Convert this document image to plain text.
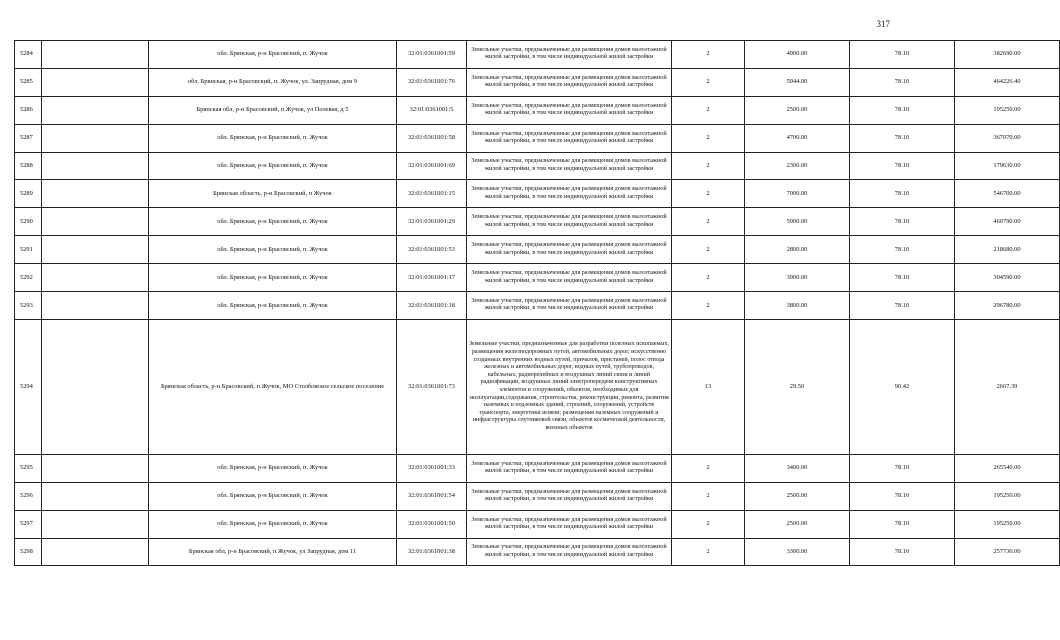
317
5284		обл. Брянская, р-н Брасовский, п. Жучок	32:01:0361001:59	Земельные участки, предназначенные для размещения домов малоэтажной жилой застройки, в том числе индивидуальной жилой застройки	2	4900.00	78.10	382690.00
5285		обл. Брянская, р-н Брасовский, п. Жучок, ул. Запрудная, дом 9	32:01:0361001:76	Земельные участки, предназначенные для размещения домов малоэтажной жилой застройки, в том числе индивидуальной жилой застройки	2	5944.00	78.10	464226.40
5286		Брянская обл, р-н Брасовский, п Жучок, ул Полевая, д 5	32:01:0361001:5	Земельные участки, предназначенные для размещения домов малоэтажной жилой застройки, в том числе индивидуальной жилой застройки	2	2500.00	78.10	195250.00
5287		обл. Брянская, р-н Брасовский, п. Жучок	32:01:0361001:58	Земельные участки, предназначенные для размещения домов малоэтажной жилой застройки, в том числе индивидуальной жилой застройки	2	4700.00	78.10	367070.00
5288		обл. Брянская, р-н Брасовский, п. Жучок	32:01:0361001:69	Земельные участки, предназначенные для размещения домов малоэтажной жилой застройки, в том числе индивидуальной жилой застройки	2	2300.00	78.10	179630.00
5289		Брянская область, р-н Брасовский, п Жучок	32:01:0361001:15	Земельные участки, предназначенные для размещения домов малоэтажной жилой застройки, в том числе индивидуальной жилой застройки	2	7000.00	78.10	546700.00
5290		обл. Брянская, р-н Брасовский, п. Жучок	32:01:0361001:29	Земельные участки, предназначенные для размещения домов малоэтажной жилой застройки, в том числе индивидуальной жилой застройки	2	5900.00	78.10	460790.00
5291		обл. Брянская, р-н Брасовский, п. Жучок	32:01:0361001:53	Земельные участки, предназначенные для размещения домов малоэтажной жилой застройки, в том числе индивидуальной жилой застройки	2	2800.00	78.10	218680.00
5292		обл. Брянская, р-н Брасовский, п. Жучок	32:01:0361001:17	Земельные участки, предназначенные для размещения домов малоэтажной жилой застройки, в том числе индивидуальной жилой застройки	2	3900.00	78.10	304590.00
5293		обл. Брянская, р-н Брасовский, п. Жучок	32:01:0361001:18	Земельные участки, предназначенные для размещения домов малоэтажной жилой застройки, в том числе индивидуальной жилой застройки	2	3800.00	78.10	296780.00
5294		Брянская область, р-н Брасовский, п Жучок, МО Столбовское сельское поселение	32:01:0361001:73	Земельные участки, предназначенные для разработки полезных ископаемых, размещения железнодорожных путей, автомобильных дорог, искусственно созданных внутренних водных путей, причалов, пристаней, полос отвода железных и автомобильных дорог, водных путей, трубопроводов, кабельных, радиорелейных и воздушных линий связи и линий радиофикации, воздушных линий электропередачи конструктивных элементов и сооружений, объектов, необходимых для эксплуатации,содержания, строительства, реконструкции, ремонта, развития наземных и подземных зданий, строений, сооружений, устройств транспорта, энергетики исвязи; размещения наземных сооружений и инфраструктуры спутниковой связи, объектов космической деятельности, военных объектов	13	29.50	90.42	2667.39
5295		обл. Брянская, р-н Брасовский, п. Жучок	32:01:0361001:33	Земельные участки, предназначенные для размещения домов малоэтажной жилой застройки, в том числе индивидуальной жилой застройки	2	3400.00	78.10	265540.00
5296		обл. Брянская, р-н Брасовский, п. Жучок	32:01:0361001:54	Земельные участки, предназначенные для размещения домов малоэтажной жилой застройки, в том числе индивидуальной жилой застройки	2	2500.00	78.10	195250.00
5297		обл. Брянская, р-н Брасовский, п. Жучок	32:01:0361001:50	Земельные участки, предназначенные для размещения домов малоэтажной жилой застройки, в том числе индивидуальной жилой застройки	2	2500.00	78.10	195250.00
5298		Брянская обл, р-н Брасовский, п Жучок, ул Запрудная, дом 11	32:01:0361001:38	Земельные участки, предназначенные для размещения домов малоэтажной жилой застройки, в том числе индивидуальной жилой застройки	2	3300.00	78.10	257730.00
